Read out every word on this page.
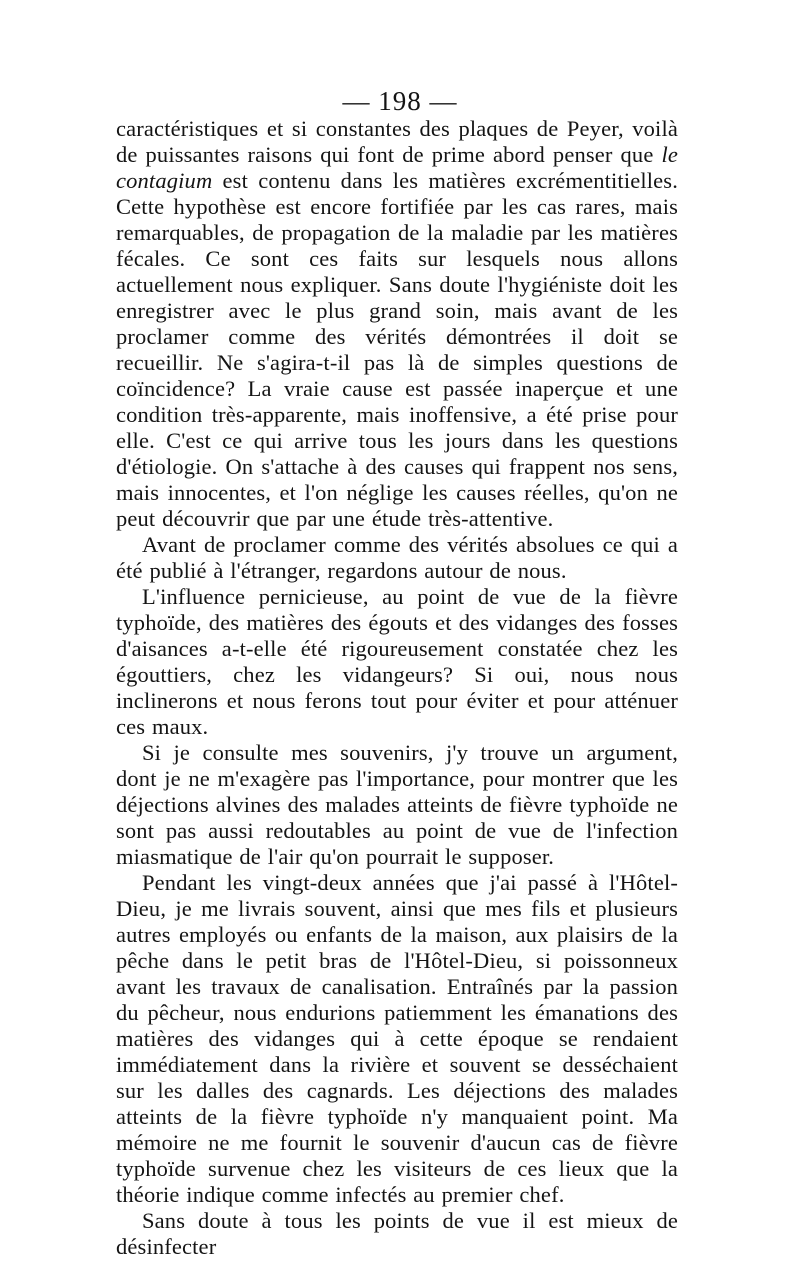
— 198 —

caractéristiques et si constantes des plaques de Peyer, voilà de puissantes raisons qui font de prime abord penser que le contagium est contenu dans les matières excrémentitielles. Cette hypothèse est encore fortifiée par les cas rares, mais remarquables, de propagation de la maladie par les matières fécales. Ce sont ces faits sur lesquels nous allons actuellement nous expliquer. Sans doute l'hygiéniste doit les enregistrer avec le plus grand soin, mais avant de les proclamer comme des vérités démontrées il doit se recueillir. Ne s'agira-t-il pas là de simples questions de coïncidence? La vraie cause est passée inaperçue et une condition très-apparente, mais inoffensive, a été prise pour elle. C'est ce qui arrive tous les jours dans les questions d'étiologie. On s'attache à des causes qui frappent nos sens, mais innocentes, et l'on néglige les causes réelles, qu'on ne peut découvrir que par une étude très-attentive.

Avant de proclamer comme des vérités absolues ce qui a été publié à l'étranger, regardons autour de nous.

L'influence pernicieuse, au point de vue de la fièvre typhoïde, des matières des égouts et des vidanges des fosses d'aisances a-t-elle été rigoureusement constatée chez les égouttiers, chez les vidangeurs? Si oui, nous nous inclinerons et nous ferons tout pour éviter et pour atténuer ces maux.

Si je consulte mes souvenirs, j'y trouve un argument, dont je ne m'exagère pas l'importance, pour montrer que les déjections alvines des malades atteints de fièvre typhoïde ne sont pas aussi redoutables au point de vue de l'infection miasmatique de l'air qu'on pourrait le supposer.

Pendant les vingt-deux années que j'ai passé à l'Hôtel-Dieu, je me livrais souvent, ainsi que mes fils et plusieurs autres employés ou enfants de la maison, aux plaisirs de la pêche dans le petit bras de l'Hôtel-Dieu, si poissonneux avant les travaux de canalisation. Entraînés par la passion du pêcheur, nous endurions patiemment les émanations des matières des vidanges qui à cette époque se rendaient immédiatement dans la rivière et souvent se desséchaient sur les dalles des cagnards. Les déjections des malades atteints de la fièvre typhoïde n'y manquaient point. Ma mémoire ne me fournit le souvenir d'aucun cas de fièvre typhoïde survenue chez les visiteurs de ces lieux que la théorie indique comme infectés au premier chef.

Sans doute à tous les points de vue il est mieux de désinfecter
